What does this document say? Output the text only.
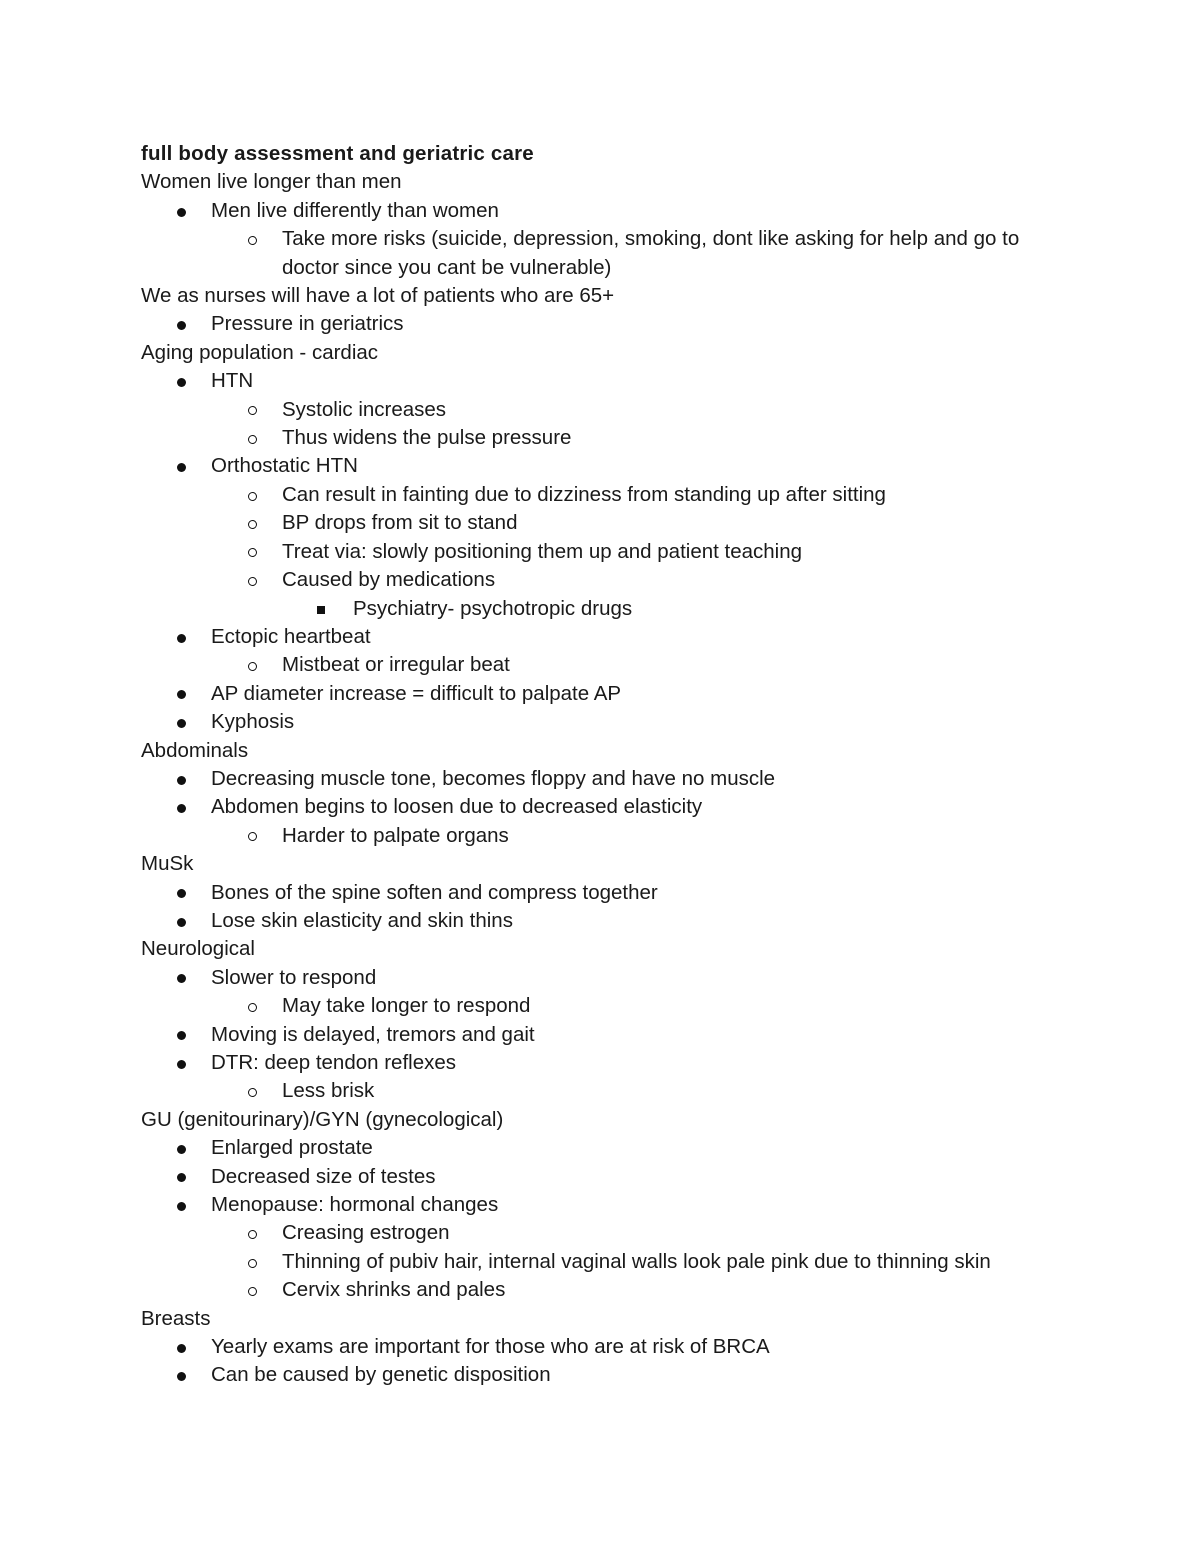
full body assessment and geriatric care
Women live longer than men
Men live differently than women
Take more risks (suicide, depression, smoking, dont like asking for help and go to doctor since you cant be vulnerable)
We as nurses will have a lot of patients who are 65+
Pressure in geriatrics
Aging population - cardiac
HTN
Systolic increases
Thus widens the pulse pressure
Orthostatic HTN
Can result in fainting due to dizziness from standing up after sitting
BP drops from sit to stand
Treat via: slowly positioning them up and patient teaching
Caused by medications
Psychiatry- psychotropic drugs
Ectopic heartbeat
Mistbeat or irregular beat
AP diameter increase = difficult to palpate AP
Kyphosis
Abdominals
Decreasing muscle tone, becomes floppy and have no muscle
Abdomen begins to loosen due to decreased elasticity
Harder to palpate organs
MuSk
Bones of the spine soften and compress together
Lose skin elasticity and skin thins
Neurological
Slower to respond
May take longer to respond
Moving is delayed, tremors and gait
DTR: deep tendon reflexes
Less brisk
GU (genitourinary)/GYN (gynecological)
Enlarged prostate
Decreased size of testes
Menopause: hormonal changes
Creasing estrogen
Thinning of pubiv hair, internal vaginal walls look pale pink due to thinning skin
Cervix shrinks and pales
Breasts
Yearly exams are important for those who are at risk of BRCA
Can be caused by genetic disposition
